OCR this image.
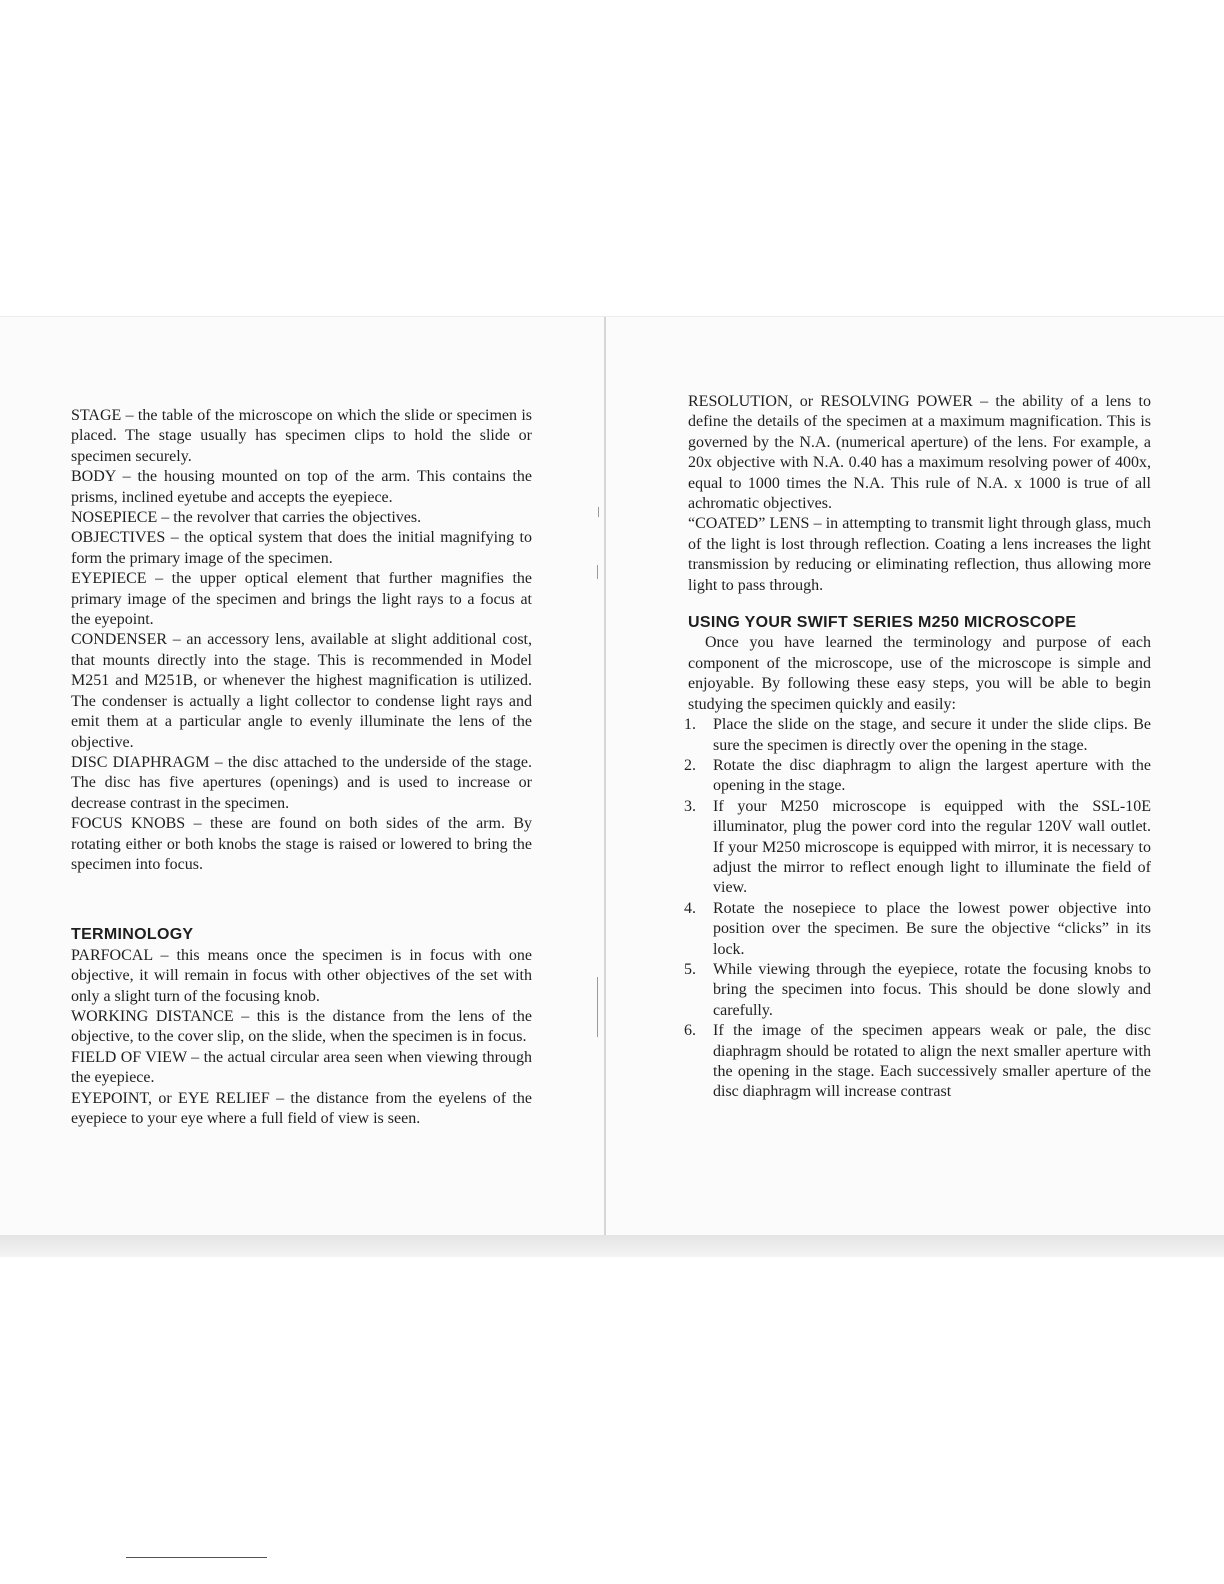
STAGE – the table of the microscope on which the slide or specimen is placed. The stage usually has specimen clips to hold the slide or specimen securely.

BODY – the housing mounted on top of the arm. This contains the prisms, inclined eyetube and accepts the eyepiece.

NOSEPIECE – the revolver that carries the objectives.

OBJECTIVES – the optical system that does the initial magnifying to form the primary image of the specimen.

EYEPIECE – the upper optical element that further magnifies the primary image of the specimen and brings the light rays to a focus at the eyepoint.

CONDENSER – an accessory lens, available at slight additional cost, that mounts directly into the stage. This is recommended in Model M251 and M251B, or whenever the highest magnification is utilized. The condenser is actually a light collector to condense light rays and emit them at a particular angle to evenly illuminate the lens of the objective.

DISC DIAPHRAGM – the disc attached to the underside of the stage. The disc has five apertures (openings) and is used to increase or decrease contrast in the specimen.

FOCUS KNOBS – these are found on both sides of the arm. By rotating either or both knobs the stage is raised or lowered to bring the specimen into focus.

TERMINOLOGY

PARFOCAL – this means once the specimen is in focus with one objective, it will remain in focus with other objectives of the set with only a slight turn of the focusing knob.

WORKING DISTANCE – this is the distance from the lens of the objective, to the cover slip, on the slide, when the specimen is in focus.

FIELD OF VIEW – the actual circular area seen when viewing through the eyepiece.

EYEPOINT, or EYE RELIEF – the distance from the eyelens of the eyepiece to your eye where a full field of view is seen.

RESOLUTION, or RESOLVING POWER – the ability of a lens to define the details of the specimen at a maximum magnification. This is governed by the N.A. (numerical aperture) of the lens. For example, a 20x objective with N.A. 0.40 has a maximum resolving power of 400x, equal to 1000 times the N.A. This rule of N.A. x 1000 is true of all achromatic objectives.

“COATED” LENS – in attempting to transmit light through glass, much of the light is lost through reflection. Coating a lens increases the light transmission by reducing or eliminating reflection, thus allowing more light to pass through.

USING YOUR SWIFT SERIES M250 MICROSCOPE

Once you have learned the terminology and purpose of each component of the microscope, use of the microscope is simple and enjoyable. By following these easy steps, you will be able to begin studying the specimen quickly and easily:

1. Place the slide on the stage, and secure it under the slide clips. Be sure the specimen is directly over the opening in the stage.
2. Rotate the disc diaphragm to align the largest aperture with the opening in the stage.
3. If your M250 microscope is equipped with the SSL-10E illuminator, plug the power cord into the regular 120V wall outlet. If your M250 microscope is equipped with mirror, it is necessary to adjust the mirror to reflect enough light to illuminate the field of view.
4. Rotate the nosepiece to place the lowest power objective into position over the specimen. Be sure the objective “clicks” in its lock.
5. While viewing through the eyepiece, rotate the focusing knobs to bring the specimen into focus. This should be done slowly and carefully.
6. If the image of the specimen appears weak or pale, the disc diaphragm should be rotated to align the next smaller aperture with the opening in the stage. Each successively smaller aperture of the disc diaphragm will increase contrast
